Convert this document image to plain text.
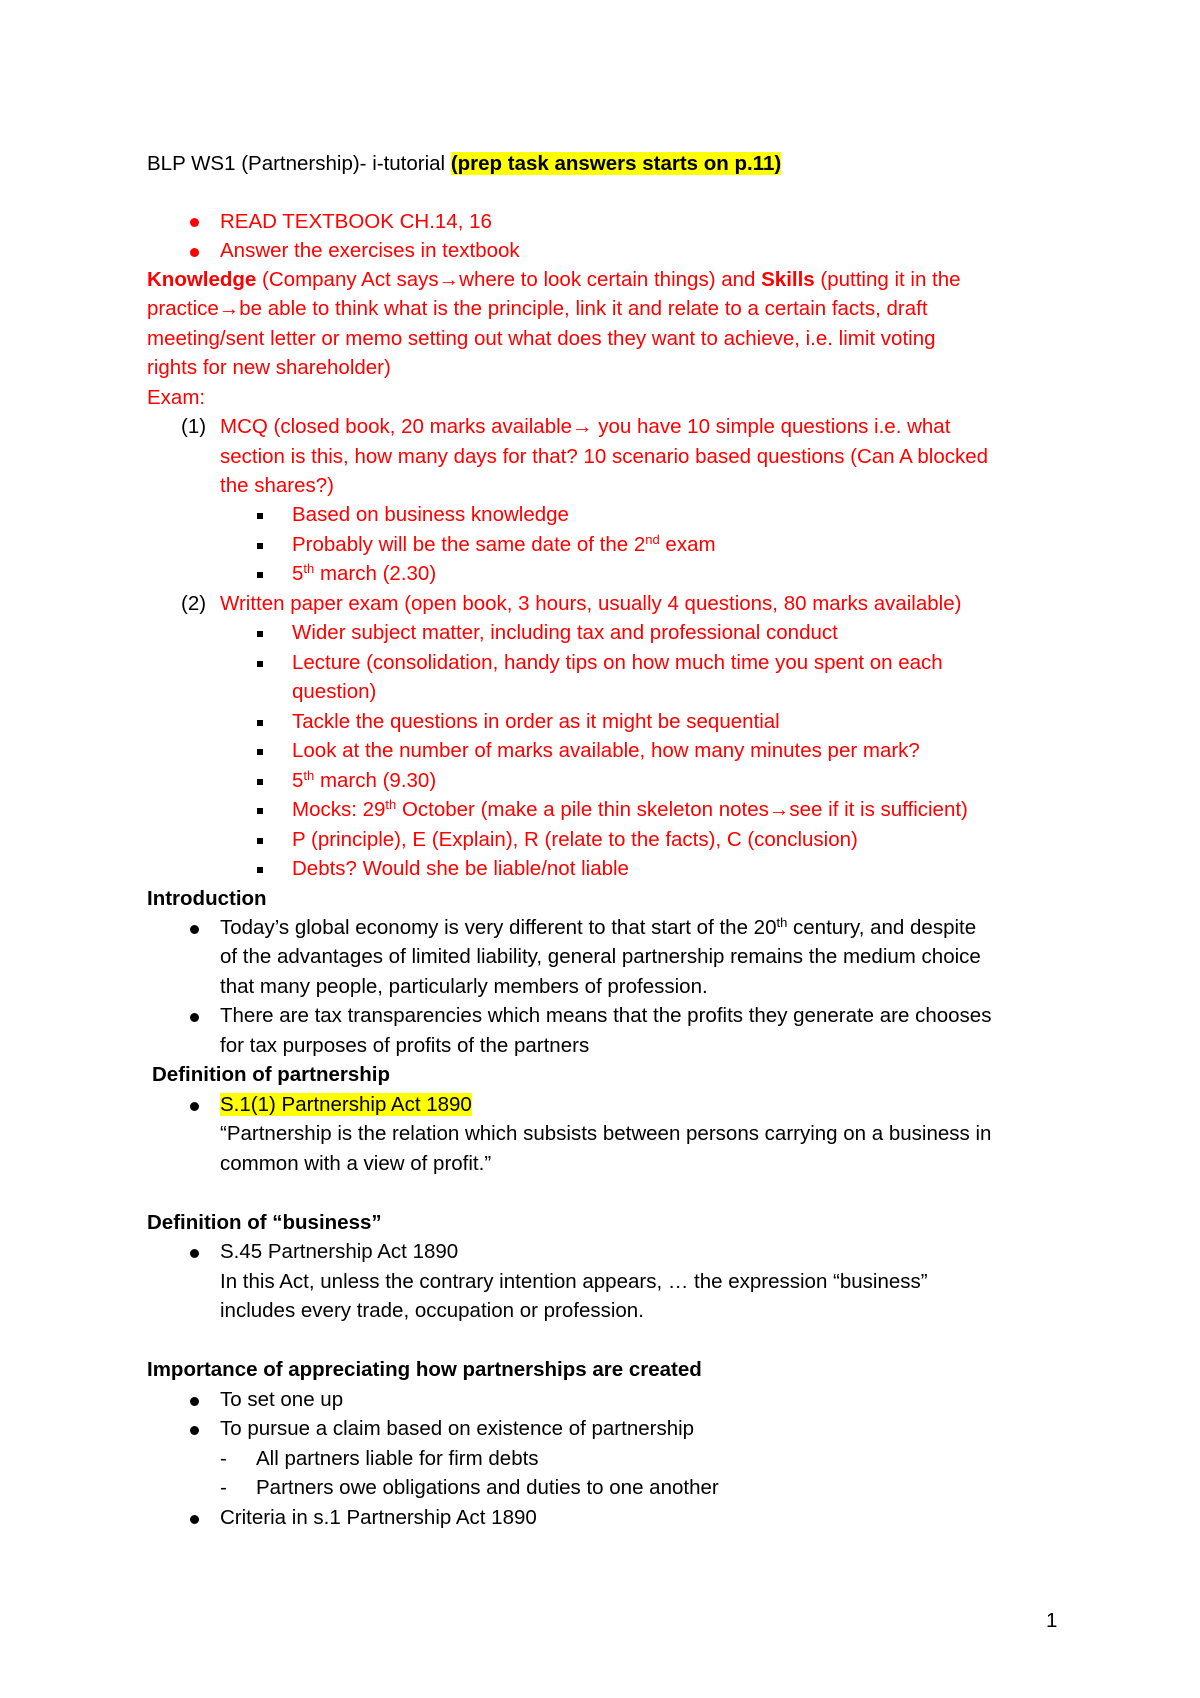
BLP WS1 (Partnership)- i-tutorial (prep task answers starts on p.11)
READ TEXTBOOK CH.14, 16
Answer the exercises in textbook
Knowledge (Company Act says→where to look certain things) and Skills (putting it in the
practice→be able to think what is the principle, link it and relate to a certain facts, draft
meeting/sent letter or memo setting out what does they want to achieve, i.e. limit voting
rights for new shareholder)
Exam:
(1) MCQ (closed book, 20 marks available→ you have 10 simple questions i.e. what
section is this, how many days for that? 10 scenario based questions (Can A blocked
the shares?)
Based on business knowledge
Probably will be the same date of the 2nd exam
5th march (2.30)
(2) Written paper exam (open book, 3 hours, usually 4 questions, 80 marks available)
Wider subject matter, including tax and professional conduct
Lecture (consolidation, handy tips on how much time you spent on each
question)
Tackle the questions in order as it might be sequential
Look at the number of marks available, how many minutes per mark?
5th march (9.30)
Mocks: 29th October (make a pile thin skeleton notes→see if it is sufficient)
P (principle), E (Explain), R (relate to the facts), C (conclusion)
Debts? Would she be liable/not liable
Introduction
Today’s global economy is very different to that start of the 20th century, and despite
of the advantages of limited liability, general partnership remains the medium choice
that many people, particularly members of profession.
There are tax transparencies which means that the profits they generate are chooses
for tax purposes of profits of the partners
Definition of partnership
S.1(1) Partnership Act 1890
“Partnership is the relation which subsists between persons carrying on a business in
common with a view of profit.”
Definition of “business”
S.45 Partnership Act 1890
In this Act, unless the contrary intention appears, … the expression “business”
includes every trade, occupation or profession.
Importance of appreciating how partnerships are created
To set one up
To pursue a claim based on existence of partnership
- All partners liable for firm debts
- Partners owe obligations and duties to one another
Criteria in s.1 Partnership Act 1890
1
